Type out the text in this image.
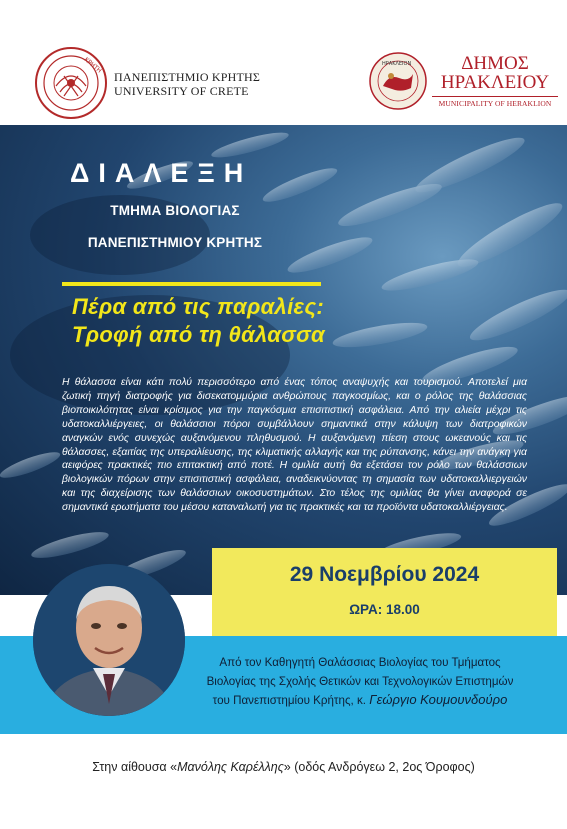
ΚΡΗΤΗ
ΠΑΝΕΠΙΣΤΗΜΙΟ ΚΡΗΤΗΣ
UNIVERSITY OF CRETE
ΗΡΑΚΛΕΙΟΝ	ΔΗΜΟΣ
ΗΡΑΚΛΕΙΟΥ
MUNICIPALITY OF HERAKLION
ΔΙΑΛΕΞΗ
ΤΜΗΜΑ ΒΙΟΛΟΓΙΑΣ
ΠΑΝΕΠΙΣΤΗΜΙΟΥ ΚΡΗΤΗΣ
Πέρα από τις παραλίες:
Τροφή από τη θάλασσα
Η θάλασσα είναι κάτι πολύ περισσότερο από ένας τόπος αναψυχής και τουρισμού. Αποτελεί μια ζωτική πηγή διατροφής για δισεκατομμύρια ανθρώπους παγκοσμίως, και ο ρόλος της θαλάσσιας βιοποικιλότητας είναι κρίσιμος για την παγκόσμια επισιτιστική ασφάλεια. Από την αλιεία μέχρι τις υδατοκαλλιέργειες, οι θαλάσσιοι πόροι συμβάλλουν σημαντικά στην κάλυψη των διατροφικών αναγκών ενός συνεχώς αυξανόμενου πληθυσμού. Η αυξανόμενη πίεση στους ωκεανούς και τις θάλασσες, εξαιτίας της υπεραλίευσης, της κλιματικής αλλαγής και της ρύπανσης, κάνει την ανάγκη για αειφόρες πρακτικές πιο επιτακτική από ποτέ. Η ομιλία αυτή θα εξετάσει τον ρόλο των θαλάσσιων βιολογικών πόρων στην επισιτιστική ασφάλεια, αναδεικνύοντας τη σημασία των υδατοκαλλιεργειών και της διαχείρισης των θαλάσσιων οικοσυστημάτων. Στο τέλος της ομιλίας θα γίνει αναφορά σε σημαντικά ερωτήματα του μέσου καταναλωτή για τις πρακτικές και τα προϊόντα υδατοκαλλιέργειας.
29 Νοεμβρίου 2024
ΩΡΑ: 18.00
Από τον Καθηγητή Θαλάσσιας Βιολογίας του Τμήματος
Βιολογίας της Σχολής Θετικών και Τεχνολογικών Επιστημών
του Πανεπιστημίου Κρήτης, κ. Γεώργιο Κουμουνδούρο
Στην αίθουσα «Μανόλης Καρέλλης» (οδός Ανδρόγεω 2, 2ος Όροφος)
